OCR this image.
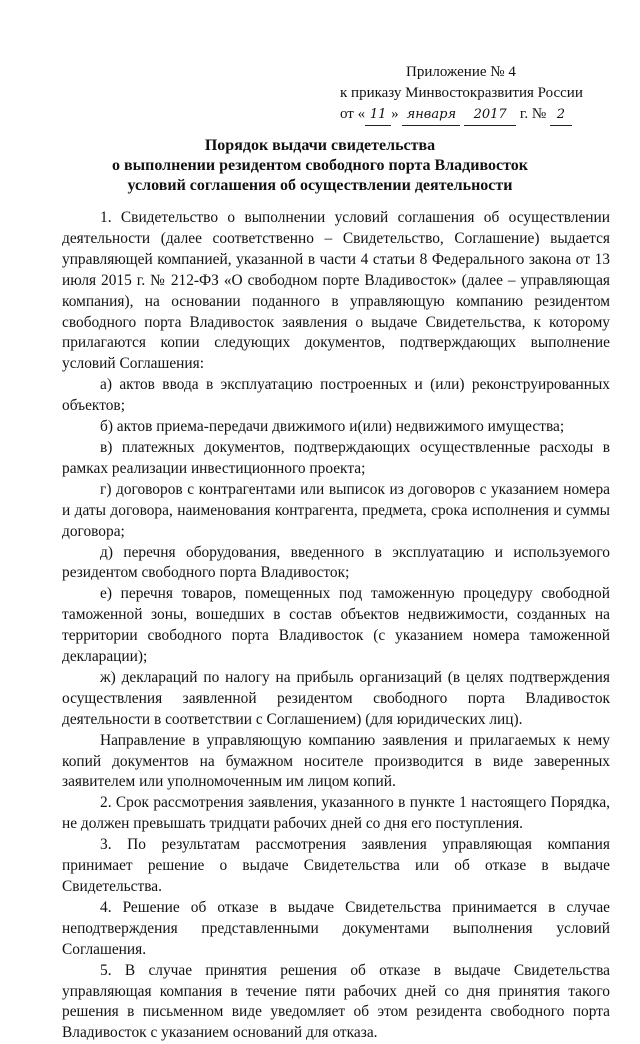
Приложение № 4
к приказу Минвостокразвития России
от « 11 » января 2017 г. № 2
Порядок выдачи свидетельства
о выполнении резидентом свободного порта Владивосток
условий соглашения об осуществлении деятельности

1. Свидетельство о выполнении условий соглашения об осуществлении деятельности (далее соответственно – Свидетельство, Соглашение) выдается управляющей компанией, указанной в части 4 статьи 8 Федерального закона от 13 июля 2015 г. № 212-ФЗ «О свободном порте Владивосток» (далее – управляющая компания), на основании поданного в управляющую компанию резидентом свободного порта Владивосток заявления о выдаче Свидетельства, к которому прилагаются копии следующих документов, подтверждающих выполнение условий Соглашения:

а) актов ввода в эксплуатацию построенных и (или) реконструированных объектов;

б) актов приема-передачи движимого и(или) недвижимого имущества;

в) платежных документов, подтверждающих осуществленные расходы в рамках реализации инвестиционного проекта;

г) договоров с контрагентами или выписок из договоров с указанием номера и даты договора, наименования контрагента, предмета, срока исполнения и суммы договора;

д) перечня оборудования, введенного в эксплуатацию и используемого резидентом свободного порта Владивосток;

е) перечня товаров, помещенных под таможенную процедуру свободной таможенной зоны, вошедших в состав объектов недвижимости, созданных на территории свободного порта Владивосток (с указанием номера таможенной декларации);

ж) деклараций по налогу на прибыль организаций (в целях подтверждения осуществления заявленной резидентом свободного порта Владивосток деятельности в соответствии с Соглашением) (для юридических лиц).

Направление в управляющую компанию заявления и прилагаемых к нему копий документов на бумажном носителе производится в виде заверенных заявителем или уполномоченным им лицом копий.

2. Срок рассмотрения заявления, указанного в пункте 1 настоящего Порядка, не должен превышать тридцати рабочих дней со дня его поступления.

3. По результатам рассмотрения заявления управляющая компания принимает решение о выдаче Свидетельства или об отказе в выдаче Свидетельства.

4. Решение об отказе в выдаче Свидетельства принимается в случае неподтверждения представленными документами выполнения условий Соглашения.

5. В случае принятия решения об отказе в выдаче Свидетельства управляющая компания в течение пяти рабочих дней со дня принятия такого решения в письменном виде уведомляет об этом резидента свободного порта Владивосток с указанием оснований для отказа.
